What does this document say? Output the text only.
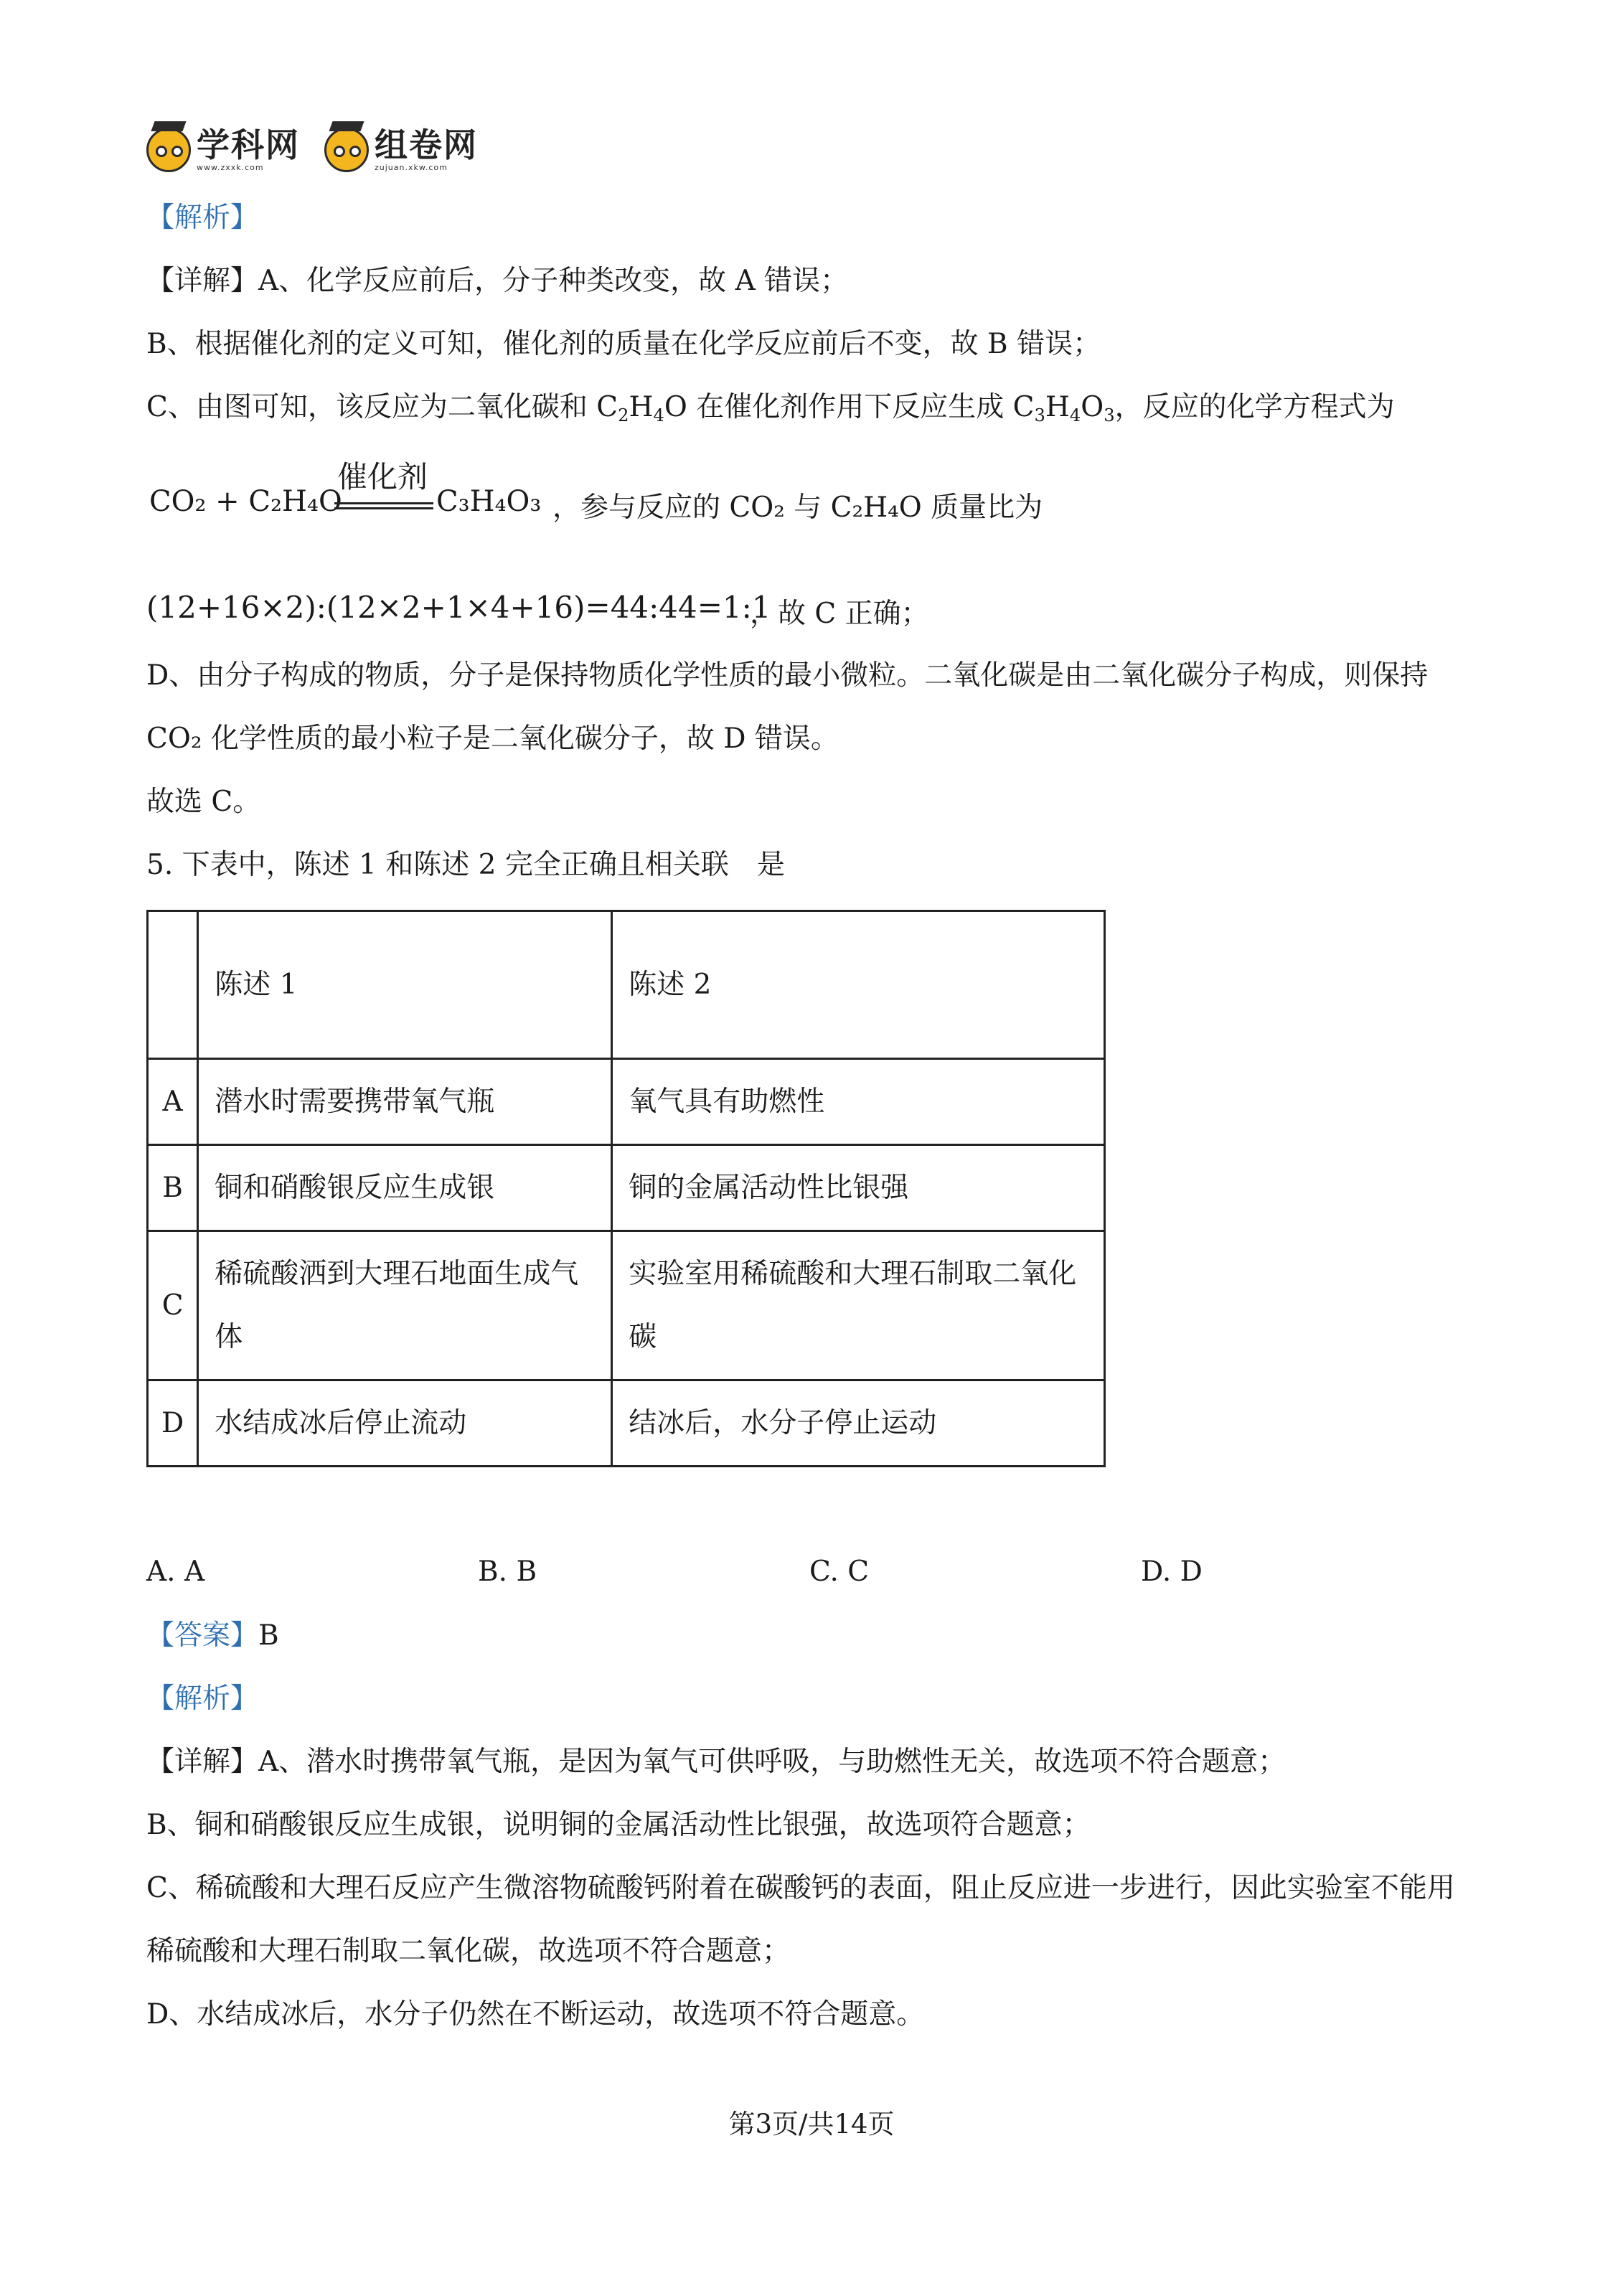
学科网
www.zxxk.com
组卷网
zujuan.xkw.com
【解析】
【详解】A、化学反应前后，分子种类改变，故 A 错误；
B、根据催化剂的定义可知，催化剂的质量在化学反应前后不变，故 B 错误；
C、由图可知，该反应为二氧化碳和 $C_2H_4O$ 在催化剂作用下反应生成 $C_3H_4O_3$，反应的化学方程式为
催化剂
CO₂ + C₂H₄O	C₃H₄O₃ ，参与反应的 CO₂ 与 C₂H₄O 质量比为
(12+16×2):(12×2+1×4+16)=44:44=1:1
，故 C 正确；
D、由分子构成的物质，分子是保持物质化学性质的最小微粒。二氧化碳是由二氧化碳分子构成，则保持
CO₂ 化学性质的最小粒子是二氧化碳分子，故 D 错误。
故选 C。
5. 下表中，陈述 1 和陈述 2 完全正确且相关联　是
	陈述 1	陈述 2
A	潜水时需要携带氧气瓶	氧气具有助燃性
B	铜和硝酸银反应生成银	铜的金属活动性比银强
C	稀硫酸洒到大理石地面生成气体	实验室用稀硫酸和大理石制取二氧化碳
D	水结成冰后停止流动	结冰后，水分子停止运动
A. A	B. B	C. C	D. D
【答案】B
【解析】
【详解】A、潜水时携带氧气瓶，是因为氧气可供呼吸，与助燃性无关，故选项不符合题意；
B、铜和硝酸银反应生成银，说明铜的金属活动性比银强，故选项符合题意；
C、稀硫酸和大理石反应产生微溶物硫酸钙附着在碳酸钙的表面，阻止反应进一步进行，因此实验室不能用
稀硫酸和大理石制取二氧化碳，故选项不符合题意；
D、水结成冰后，水分子仍然在不断运动，故选项不符合题意。
第3页/共14页
